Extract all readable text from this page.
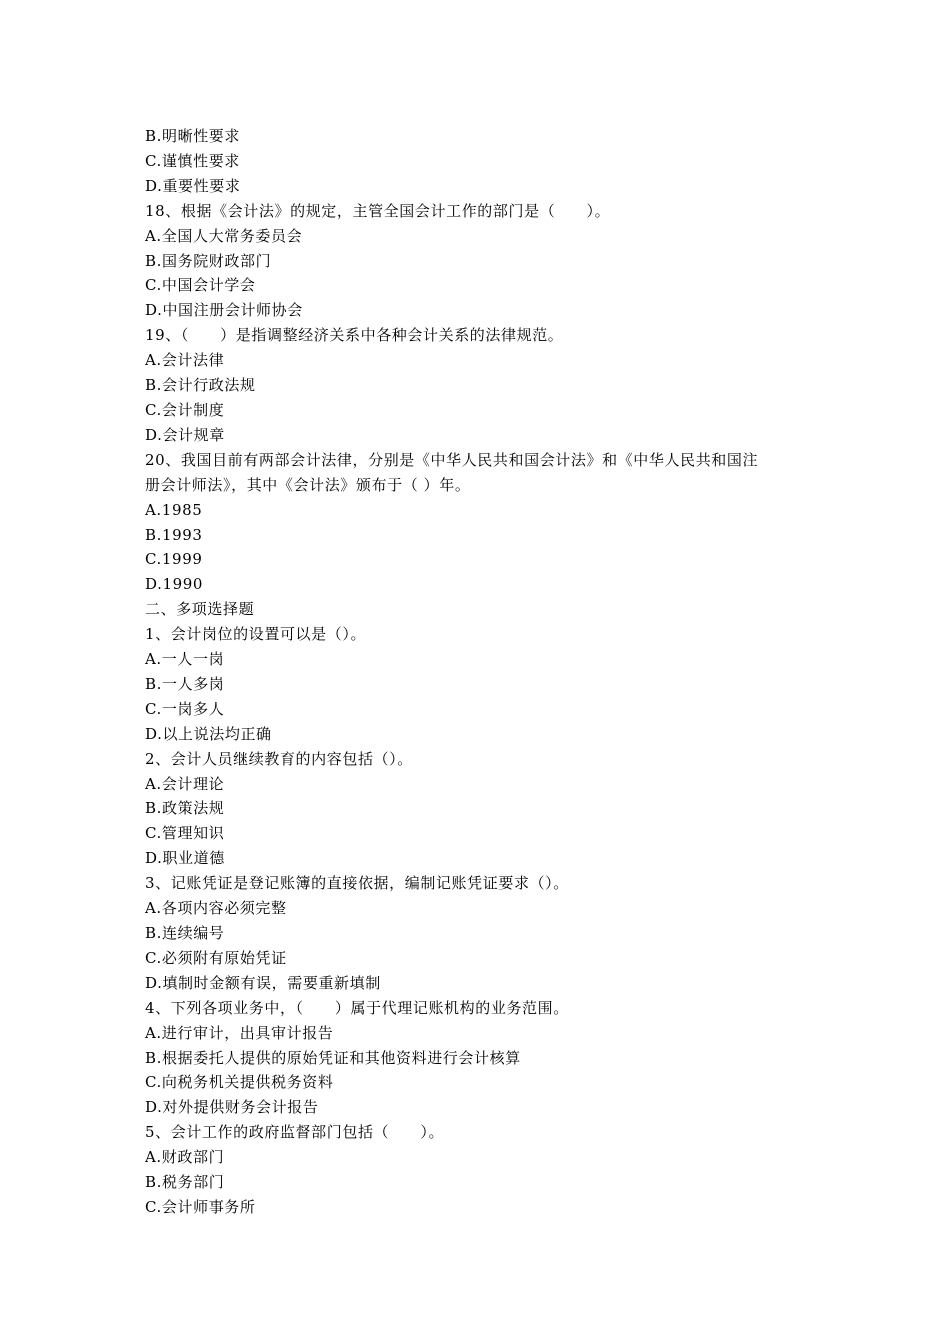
B.明晰性要求
C.谨慎性要求
D.重要性要求
18、根据《会计法》的规定，主管全国会计工作的部门是（　　）。
A.全国人大常务委员会
B.国务院财政部门
C.中国会计学会
D.中国注册会计师协会
19、（　　）是指调整经济关系中各种会计关系的法律规范。
A.会计法律
B.会计行政法规
C.会计制度
D.会计规章
20、我国目前有两部会计法律，分别是《中华人民共和国会计法》和《中华人民共和国注
册会计师法》，其中《会计法》颁布于（ ）年。
A.1985
B.1993
C.1999
D.1990
二、多项选择题
1、会计岗位的设置可以是（）。
A.一人一岗
B.一人多岗
C.一岗多人
D.以上说法均正确
2、会计人员继续教育的内容包括（）。
A.会计理论
B.政策法规
C.管理知识
D.职业道德
3、记账凭证是登记账簿的直接依据，编制记账凭证要求（）。
A.各项内容必须完整
B.连续编号
C.必须附有原始凭证
D.填制时金额有误，需要重新填制
4、下列各项业务中，（　　）属于代理记账机构的业务范围。
A.进行审计，出具审计报告
B.根据委托人提供的原始凭证和其他资料进行会计核算
C.向税务机关提供税务资料
D.对外提供财务会计报告
5、会计工作的政府监督部门包括（　　）。
A.财政部门
B.税务部门
C.会计师事务所
